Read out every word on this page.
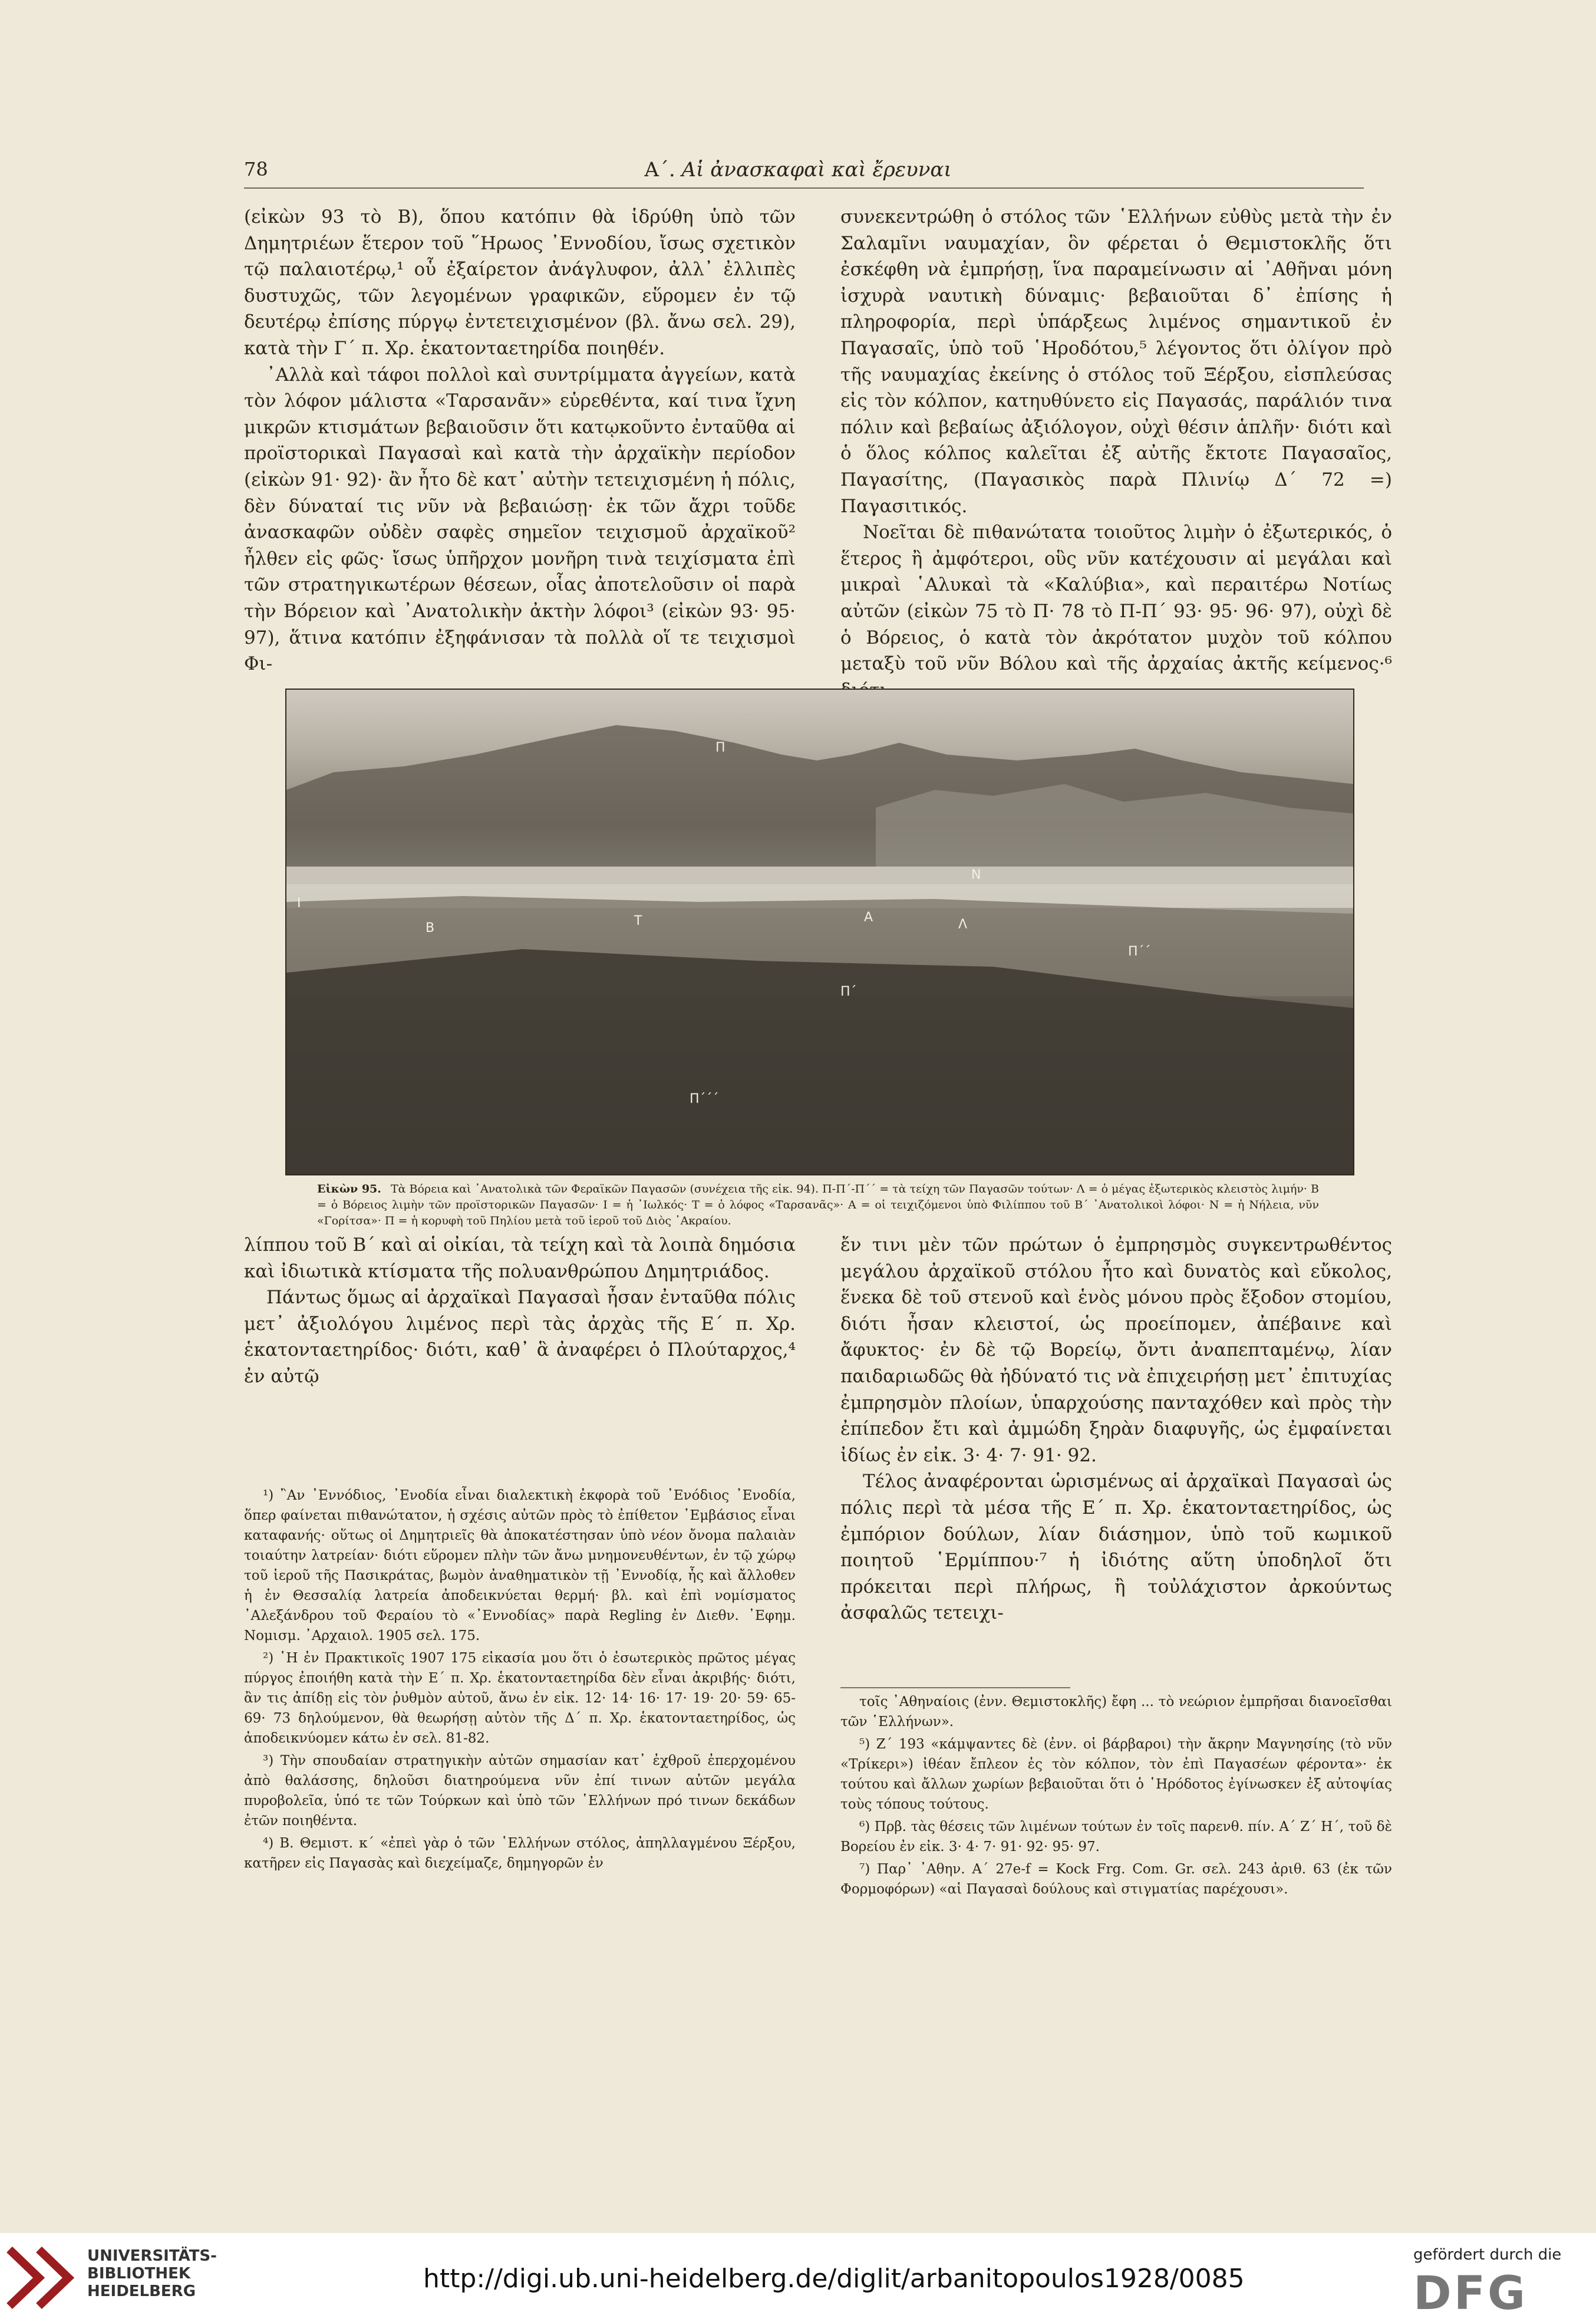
78	Α΄. Αἱ ἀνασκαφαὶ καὶ ἔρευναι

(εἰκὼν 93 τὸ Β), ὅπου κατόπιν θὰ ἱδρύθη ὑπὸ τῶν Δημητριέων ἕτερον τοῦ ῞Ηρωος ᾿Εννοδίου, ἴσως σχετικὸν τῷ παλαιοτέρῳ,¹ οὗ ἐξαίρετον ἀνάγλυφον, ἀλλ᾿ ἐλλιπὲς δυστυχῶς, τῶν λεγομένων γραφικῶν, εὕρομεν ἐν τῷ δευτέρῳ ἐπίσης πύργῳ ἐντετειχισμένον (βλ. ἄνω σελ. 29), κατὰ τὴν Γ΄ π. Χρ. ἑκατονταετηρίδα ποιηθέν.

᾿Αλλὰ καὶ τάφοι πολλοὶ καὶ συντρίμματα ἀγγείων, κατὰ τὸν λόφον μάλιστα «Ταρσανᾶν» εὑρεθέντα, καί τινα ἴχνη μικρῶν κτισμάτων βεβαιοῦσιν ὅτι κατῳκοῦντο ἐνταῦθα αἱ προϊστορικαὶ Παγασαὶ καὶ κατὰ τὴν ἀρχαϊκὴν περίοδον (εἰκὼν 91· 92)· ἂν ἦτο δὲ κατ᾿ αὐτὴν τετειχισμένη ἡ πόλις, δὲν δύναταί τις νῦν νὰ βεβαιώσῃ· ἐκ τῶν ἄχρι τοῦδε ἀνασκαφῶν οὐδὲν σαφὲς σημεῖον τειχισμοῦ ἀρχαϊκοῦ² ἦλθεν εἰς φῶς· ἴσως ὑπῆρχον μονῆρη τινὰ τειχίσματα ἐπὶ τῶν στρατηγικωτέρων θέσεων, οἷας ἀποτελοῦσιν οἱ παρὰ τὴν Βόρειον καὶ ᾿Ανατολικὴν ἀκτὴν λόφοι³ (εἰκὼν 93· 95· 97), ἅτινα κατόπιν ἐξηφάνισαν τὰ πολλὰ οἵ τε τειχισμοὶ Φι-

συνεκεντρώθη ὁ στόλος τῶν ῾Ελλήνων εὐθὺς μετὰ τὴν ἐν Σαλαμῖνι ναυμαχίαν, ὃν φέρεται ὁ Θεμιστοκλῆς ὅτι ἐσκέφθη νὰ ἐμπρήσῃ, ἵνα παραμείνωσιν αἱ ᾿Αθῆναι μόνη ἰσχυρὰ ναυτικὴ δύναμις· βεβαιοῦται δ᾿ ἐπίσης ἡ πληροφορία, περὶ ὑπάρξεως λιμένος σημαντικοῦ ἐν Παγασαῖς, ὑπὸ τοῦ ῾Ηροδότου,⁵ λέγοντος ὅτι ὀλίγον πρὸ τῆς ναυμαχίας ἐκείνης ὁ στόλος τοῦ Ξέρξου, εἰσπλεύσας εἰς τὸν κόλπον, κατηυθύνετο εἰς Παγασάς, παράλιόν τινα πόλιν καὶ βεβαίως ἀξιόλογον, οὐχὶ θέσιν ἁπλῆν· διότι καὶ ὁ ὅλος κόλπος καλεῖται ἐξ αὐτῆς ἔκτοτε Παγασαῖος, Παγασίτης, (Παγασικὸς παρὰ Πλινίῳ Δ΄ 72 =) Παγασιτικός.

Νοεῖται δὲ πιθανώτατα τοιοῦτος λιμὴν ὁ ἐξωτερικός, ὁ ἕτερος ἢ ἀμφότεροι, οὓς νῦν κατέχουσιν αἱ μεγάλαι καὶ μικραὶ ῾Αλυκαὶ τὰ «Καλύβια», καὶ περαιτέρω Νοτίως αὐτῶν (εἰκὼν 75 τὸ Π· 78 τὸ Π-Π΄ 93· 95· 96· 97), οὐχὶ δὲ ὁ Βόρειος, ὁ κατὰ τὸν ἀκρότατον μυχὸν τοῦ κόλπου μεταξὺ τοῦ νῦν Βόλου καὶ τῆς ἀρχαίας ἀκτῆς κείμενος·⁶

Π
Ν
Ι
Β	Τ	Α	Λ
Π΄
Π΄΄
Π΄΄΄
Εἰκὼν 95. Τὰ Βόρεια καὶ ᾿Ανατολικὰ τῶν Φεραϊκῶν Παγασῶν (συνέχεια τῆς εἰκ. 94). Π-Π΄-Π΄΄ = τὰ τείχη τῶν Παγασῶν τούτων· Λ = ὁ μέγας ἐξωτερικὸς κλειστὸς λιμήν· Β = ὁ Βόρειος λιμὴν τῶν προϊστορικῶν Παγασῶν· Ι = ἡ ᾿Ιωλκός· Τ = ὁ λόφος «Ταρσανᾶς»· Α = οἱ τειχιζόμενοι ὑπὸ Φιλίππου τοῦ Β΄ ᾿Ανατολικοὶ λόφοι· Ν = ἡ Νήλεια, νῦν «Γορίτσα»· Π = ἡ κορυφὴ τοῦ Πηλίου μετὰ τοῦ ἱεροῦ τοῦ Διὸς ᾿Ακραίου.

λίππου τοῦ Β΄ καὶ αἱ οἰκίαι, τὰ τείχη καὶ τὰ λοιπὰ δημόσια καὶ ἰδιωτικὰ κτίσματα τῆς πολυανθρώπου Δημητριάδος.

Πάντως ὅμως αἱ ἀρχαϊκαὶ Παγασαὶ ἦσαν ἐνταῦθα πόλις μετ᾿ ἀξιολόγου λιμένος περὶ τὰς ἀρχὰς τῆς Ε΄ π. Χρ. ἑκατονταετηρίδος· διότι, καθ᾿ ἃ ἀναφέρει ὁ Πλούταρχος,⁴ ἐν αὐτῷ

ἔν τινι μὲν τῶν πρώτων ὁ ἐμπρησμὸς συγκεντρωθέντος μεγάλου ἀρχαϊκοῦ στόλου ἦτο καὶ δυνατὸς καὶ εὔκολος, ἕνεκα δὲ τοῦ στενοῦ καὶ ἑνὸς μόνου πρὸς ἔξοδον στομίου, διότι ἦσαν κλειστοί, ὡς προείπομεν, ἀπέβαινε καὶ ἄφυκτος· ἐν δὲ τῷ Βορείῳ, ὄντι ἀναπεπταμένῳ, λίαν παιδαριωδῶς θὰ ἠδύνατό τις νὰ ἐπιχειρήσῃ μετ᾿ ἐπιτυχίας ἐμπρησμὸν πλοίων, ὑπαρχούσης πανταχόθεν καὶ πρὸς τὴν ἐπίπεδον ἔτι καὶ ἀμμώδη ξηρὰν διαφυγῆς, ὡς ἐμφαίνεται ἰδίως ἐν εἰκ. 3· 4· 7· 91· 92.

Τέλος ἀναφέρονται ὡρισμένως αἱ ἀρχαϊκαὶ Παγασαὶ ὡς πόλις περὶ τὰ μέσα τῆς Ε΄ π. Χρ. ἑκατονταετηρίδος, ὡς ἐμπόριον δούλων, λίαν διάσημον, ὑπὸ τοῦ κωμικοῦ ποιητοῦ ῾Ερμίππου·⁷ ἡ ἰδιότης αὕτη ὑποδηλοῖ ὅτι πρόκειται περὶ πλήρως, ἢ τοὐλάχιστον ἀρκούντως ἀσφαλῶς τετειχι-

¹) ῍Αν ᾿Εννόδιος, ᾿Ενοδία εἶναι διαλεκτικὴ ἐκφορὰ τοῦ ᾿Ενόδιος ᾿Ενοδία, ὅπερ φαίνεται πιθανώτατον, ἡ σχέσις αὐτῶν πρὸς τὸ ἐπίθετον ᾿Εμβάσιος εἶναι καταφανής· οὕτως οἱ Δημητριεῖς θὰ ἀποκατέστησαν ὑπὸ νέον ὄνομα παλαιὰν τοιαύτην λατρείαν· διότι εὕρομεν πλὴν τῶν ἄνω μνημονευθέντων, ἐν τῷ χώρῳ τοῦ ἱεροῦ τῆς Πασικράτας, βωμὸν ἀναθηματικὸν τῇ ᾿Εννοδίᾳ, ἧς καὶ ἄλλοθεν ἡ ἐν Θεσσαλίᾳ λατρεία ἀποδεικνύεται θερμή· βλ. καὶ ἐπὶ νομίσματος ᾿Αλεξάνδρου τοῦ Φεραίου τὸ «᾿Εννοδίας» παρὰ Regling ἐν Διεθν. ᾿Εφημ. Νομισμ. ᾿Αρχαιολ. 1905 σελ. 175.

²) ῾Η ἐν Πρακτικοῖς 1907 175 εἰκασία μου ὅτι ὁ ἐσωτερικὸς πρῶτος μέγας πύργος ἐποιήθη κατὰ τὴν Ε΄ π. Χρ. ἑκατονταετηρίδα δὲν εἶναι ἀκριβής· διότι, ἂν τις ἀπίδῃ εἰς τὸν ῥυθμὸν αὐτοῦ, ἄνω ἐν εἰκ. 12· 14· 16· 17· 19· 20· 59· 65-69· 73 δηλούμενον, θὰ θεωρήσῃ αὐτὸν τῆς Δ΄ π. Χρ. ἑκατονταετηρίδος, ὡς ἀποδεικνύομεν κάτω ἐν σελ. 81-82.

³) Τὴν σπουδαίαν στρατηγικὴν αὐτῶν σημασίαν κατ᾿ ἐχθροῦ ἐπερχομένου ἀπὸ θαλάσσης, δηλοῦσι διατηρούμενα νῦν ἐπί τινων αὐτῶν μεγάλα πυροβολεῖα, ὑπό τε τῶν Τούρκων καὶ ὑπὸ τῶν ῾Ελλήνων πρό τινων δεκάδων ἐτῶν ποιηθέντα.

⁴) Β. Θεμιστ. κ΄ «ἐπεὶ γὰρ ὁ τῶν ῾Ελλήνων στόλος, ἀπηλλαγμένου Ξέρξου, κατῆρεν εἰς Παγασὰς καὶ διεχείμαζε, δημηγορῶν ἐν

τοῖς ᾿Αθηναίοις (ἐνν. Θεμιστοκλῆς) ἔφη ... τὸ νεώριον ἐμπρῆσαι διανοεῖσθαι τῶν ῾Ελλήνων».

⁵) Ζ΄ 193 «κάμψαντες δὲ (ἐνν. οἱ βάρβαροι) τὴν ἄκρην Μαγνησίης (τὸ νῦν «Τρίκερι») ἰθέαν ἔπλεον ἐς τὸν κόλπον, τὸν ἐπὶ Παγασέων φέροντα»· ἐκ τούτου καὶ ἄλλων χωρίων βεβαιοῦται ὅτι ὁ ῾Ηρόδοτος ἐγίνωσκεν ἐξ αὐτοψίας τοὺς τόπους τούτους.

⁶) Πρβ. τὰς θέσεις τῶν λιμένων τούτων ἐν τοῖς παρενθ. πίν. Α΄ Ζ΄ Η΄, τοῦ δὲ Βορείου ἐν εἰκ. 3· 4· 7· 91· 92· 95· 97.

⁷) Παρ᾿ ᾿Αθην. Α΄ 27e-f = Kock Frg. Com. Gr. σελ. 243 ἀριθ. 63 (ἐκ τῶν Φορμοφόρων) «αἱ Παγασαὶ δούλους καὶ στιγματίας παρέχουσι».

UNIVERSITÄTS-
BIBLIOTHEK
HEIDELBERG	http://digi.ub.uni-heidelberg.de/diglit/arbanitopoulos1928/0085
gefördert durch die
DFG
